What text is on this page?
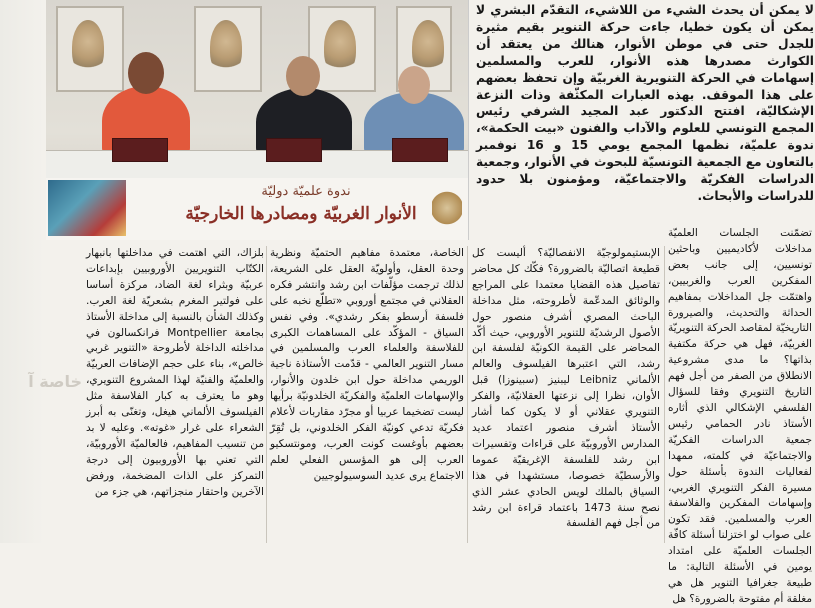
خاصة آ
ندوة علميّة دوليّة
الأنوار الغربيّة ومصادرها الخارجيّة

لا يمكن أن يحدث الشيء من اللاشيء، التقدّم البشري لا يمكن أن يكون خطيا، جاءت حركة التنوير بقيم مثيرة للجدل حتى في موطن الأنوار، هنالك من يعتقد أن الكوارث مصدرها هذه الأنوار، للعرب والمسلمين إسهامات في الحركة التنويرية الغربيّة وإن تحفظ بعضهم على هذا الموقف. بهذه العبارات المكثّفة وذات النزعة الإشكاليّة، افتتح الدكتور عبد المجيد الشرفي رئيس المجمع التونسي للعلوم والآداب والفنون «بيت الحكمة»، ندوة علميّة، نظمها المجمع يومي 15 و 16 نوفمبر بالتعاون مع الجمعية التونسيّة للبحوث في الأنوار، وجمعية الدراسات الفكريّة والاجتماعيّة، ومؤمنون بلا حدود للدراسات والأبحاث.

تضمّنت الجلسات العلميّة مداخلات لأكاديميين وباحثين تونسيين، إلى جانب بعض المفكرين العرب والغربيين، واهتمّت جل المداخلات بمفاهيم الحداثة والتحديث، والصيرورة التاريخيّة لمقاصد الحركة التنويريّة الغربيّة، فهل هي حركة مكتفية بذاتها؟ ما مدى مشروعية الانطلاق من الصفر من أجل فهم التاريخ التنويري وفقا للسؤال الفلسفي الإشكالي الذي أثاره الأستاذ نادر الحمامي رئيس جمعية الدراسات الفكريّة والاجتماعيّة في كلمته، ممهدا لفعاليات الندوة بأسئلة حول مسيرة الفكر التنويري الغربي، وإسهامات المفكرين والفلاسفة العرب والمسلمين. فقد تكون على صواب لو اختزلنا أسئلة كافّة الجلسات العلميّة على امتداد يومين في الأسئلة التالية: ما طبيعة جغرافيا التنوير هل هي مغلقة أم مفتوحة بالضرورة؟ هل

الإبستيمولوجيّة الانفصاليّة؟ أليست كل قطيعة اتصاليّة بالضرورة؟ فكّك كل محاضر تفاصيل هذه القضايا معتمدا على المراجع والوثائق المدعّمة لأطروحته، مثل مداخلة الباحث المصري أشرف منصور حول الأصول الرشديّة للتنوير الأوروبي، حيث أكّد المحاضر على القيمة الكونيّة لفلسفة ابن رشد، التي اعتبرها الفيلسوف والعالم الألماني Leibniz ليبنيز (سبينوزا) قبل الأوان، نظرا إلى نزعتها العقلانيّة، والفكر التنويري عقلاني أو لا يكون كما أشار الأستاذ أشرف منصور اعتماد عديد المدارس الأوروبيّة على قراءات وتفسيرات ابن رشد للفلسفة الإغريقيّة عموما والأرسطيّة خصوصا، مستشهدا في هذا السياق بالملك لويس الحادي عشر الذي نصح سنة 1473 باعتماد قراءة ابن رشد من أجل فهم الفلسفة

الخاصة، معتمدة مفاهيم الحتميّة ونظرية وحدة العقل، وأولويّة العقل على الشريعة، لذلك ترجمت مؤلّفات ابن رشد وانتشر فكره العقلاني في مجتمع أوروبي «تطلّع نخبه على فلسفة أرسطو بفكر رشدي». وفي نفس السياق - المؤكّد على المساهمات الكبرى للفلاسفة والعلماء العرب والمسلمين في مسار التنوير العالمي - قدّمت الأستاذة ناجية الوريمي مداخلة حول ابن خلدون والأنوار، والإسهامات العلميّة والفكريّة الخلدونيّة برأيها ليست تضخيما عربيا أو مجرّد مقاربات لأعلام فكريّة تدعي كونيّة الفكر الخلدوني، بل تُقِرّ بعضهم بأوغست كونت العرب، ومونتسكيو العرب إلى هو المؤسس الفعلي لعلم الاجتماع يرى عديد السوسيولوجيين

بلزاك، التي اهتمت في مداخلتها بانبهار الكتّاب التنويريين الأوروبيين بإبداعات عربيّة وبثراء لغة الضاد، مركزة أساسا على فولتير المغرم بشعريّة لغة العرب. وكذلك الشأن بالنسبة إلى مداخلة الأستاذ بجامعة Montpellier فرانكسالون في مداخلته الداخلة لأطروحة «التنوير غربي خالص»، بناء على حجم الإضافات العربيّة والعلميّة والفنيّة لهذا المشروع التنويري، وهو ما يعترف به كبار الفلاسفة مثل الفيلسوف الألماني هيغل، وتغنّى به أبرز الشعراء على غرار «غوته». وعليه لا بد من تنسيب المفاهيم، فالعالميّة الأوروبيّة، التي تعني بها الأوروبيون إلى درجة التمركز على الذات المضخمة، ورفض الآخرين واحتقار منجزاتهم، هي جزء من
